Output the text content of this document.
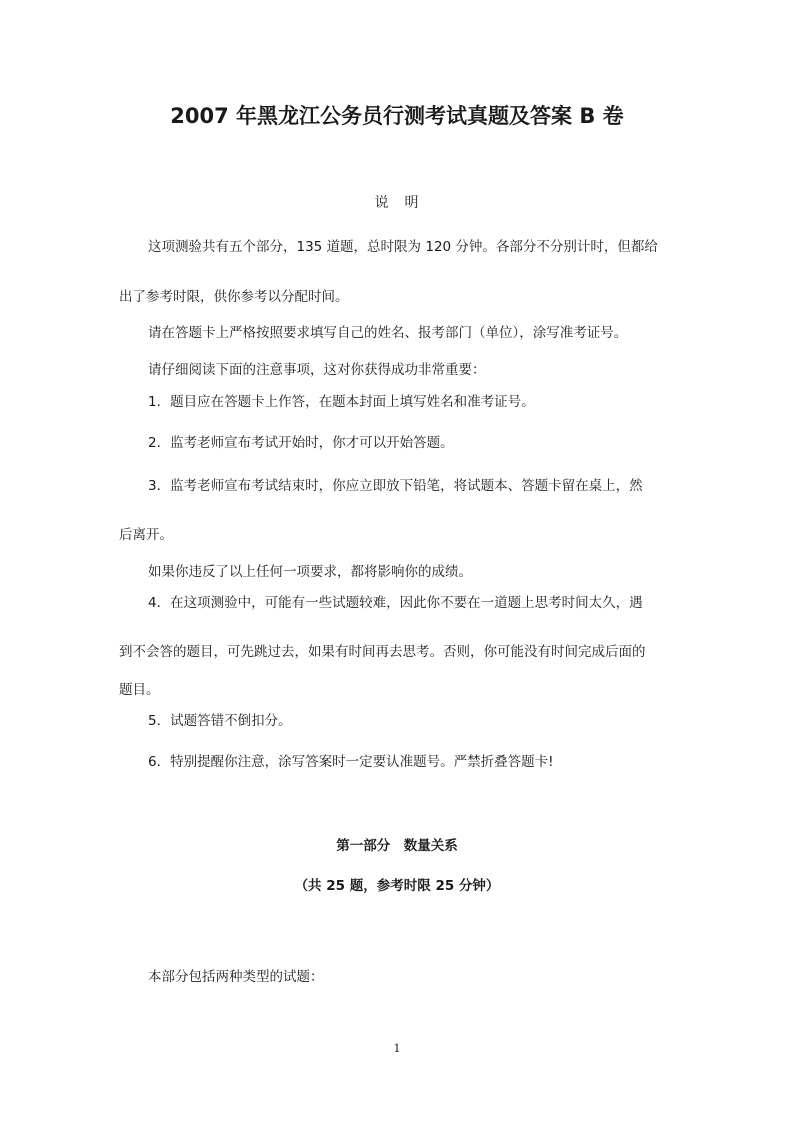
2007 年黑龙江公务员行测考试真题及答案 B 卷
说　明
这项测验共有五个部分，135 道题，总时限为 120 分钟。各部分不分别计时，但都给
出了参考时限，供你参考以分配时间。
请在答题卡上严格按照要求填写自己的姓名、报考部门（单位），涂写准考证号。
请仔细阅读下面的注意事项，这对你获得成功非常重要：
1．题目应在答题卡上作答，在题本封面上填写姓名和准考证号。
2．监考老师宣布考试开始时，你才可以开始答题。
3．监考老师宣布考试结束时，你应立即放下铅笔，将试题本、答题卡留在桌上，然
后离开。
如果你违反了以上任何一项要求，都将影响你的成绩。
4．在这项测验中，可能有一些试题较难，因此你不要在一道题上思考时间太久，遇
到不会答的题目，可先跳过去，如果有时间再去思考。否则，你可能没有时间完成后面的
题目。
5．试题答错不倒扣分。
6．特别提醒你注意，涂写答案时一定要认准题号。严禁折叠答题卡!
第一部分　数量关系
（共 25 题，参考时限 25 分钟）
本部分包括两种类型的试题：
1
